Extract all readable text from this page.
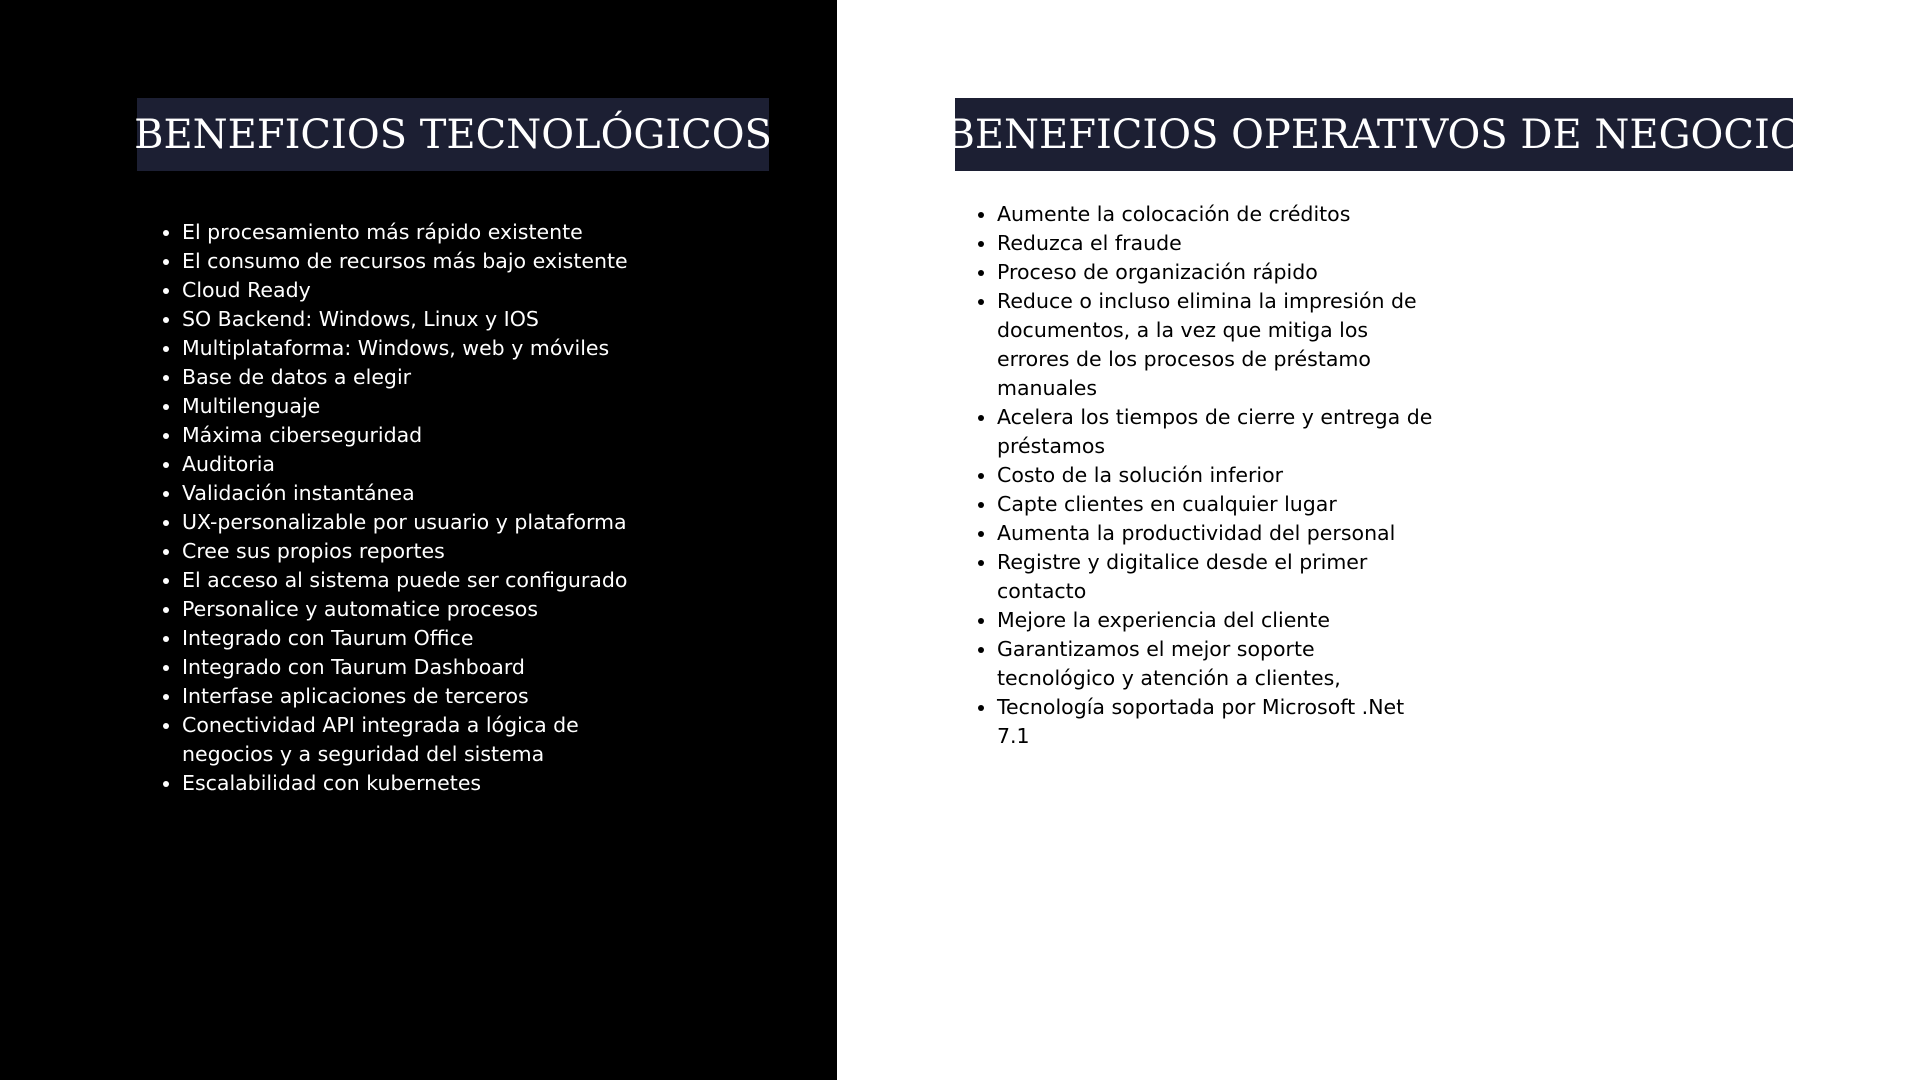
BENEFICIOS TECNOLÓGICOS	BENEFICIOS OPERATIVOS DE NEGOCIO
• El procesamiento más rápido existente
• El consumo de recursos más bajo existente
• Cloud Ready
• SO Backend: Windows, Linux y IOS
• Multiplataforma: Windows, web y móviles
• Base de datos a elegir
• Multilenguaje
• Máxima ciberseguridad
• Auditoria
• Validación instantánea
• UX-personalizable por usuario y plataforma
• Cree sus propios reportes
• El acceso al sistema puede ser configurado
• Personalice y automatice procesos
• Integrado con Taurum Office
• Integrado con Taurum Dashboard
• Interfase aplicaciones de terceros
• Conectividad API integrada a lógica de negocios y a seguridad del sistema
• Escalabilidad con kubernetes
• Aumente la colocación de créditos
• Reduzca el fraude
• Proceso de organización rápido
• Reduce o incluso elimina la impresión de documentos, a la vez que mitiga los errores de los procesos de préstamo manuales
• Acelera los tiempos de cierre y entrega de préstamos
• Costo de la solución inferior
• Capte clientes en cualquier lugar
• Aumenta la productividad del personal
• Registre y digitalice desde el primer contacto
• Mejore la experiencia del cliente
• Garantizamos el mejor soporte tecnológico y atención a clientes,
• Tecnología soportada por Microsoft .Net 7.1
